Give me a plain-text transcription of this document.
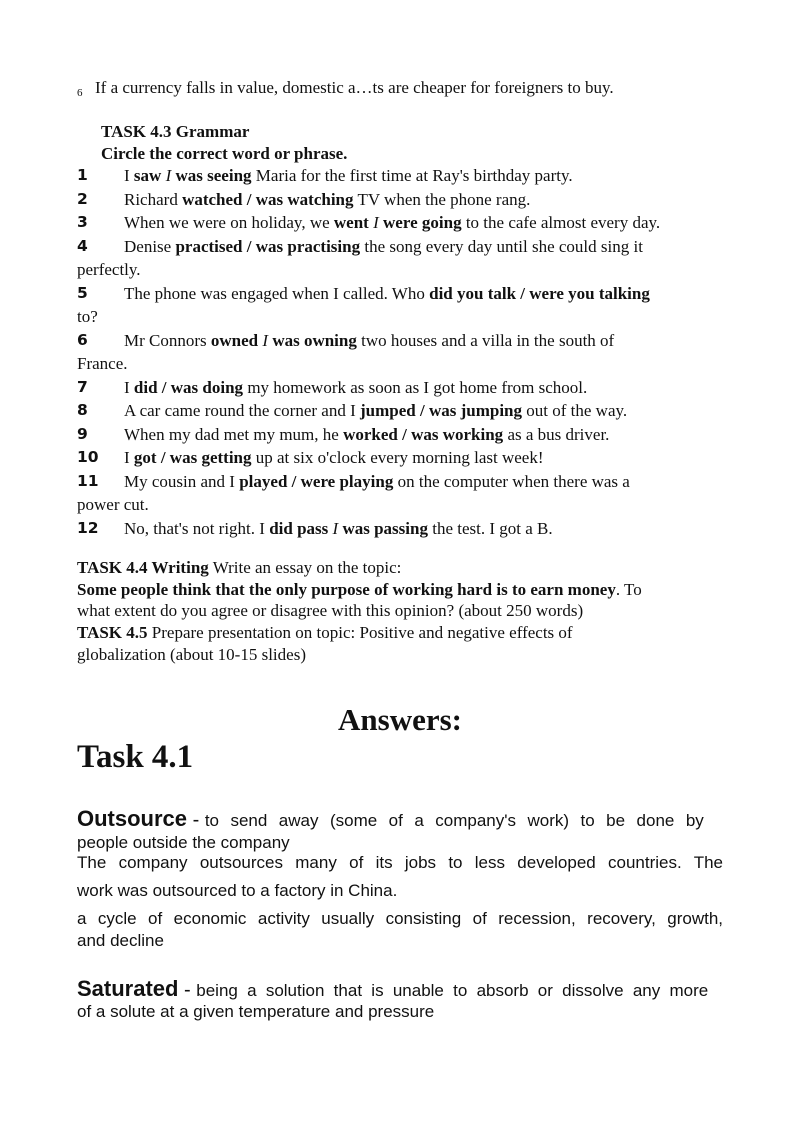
6 If a currency falls in value, domestic a…ts are cheaper for foreigners to buy.
TASK 4.3 Grammar
Circle the correct word or phrase.
1 I saw I was seeing Maria for the first time at Ray's birthday party.
2 Richard watched / was watching TV when the phone rang.
3 When we were on holiday, we went I were going to the cafe almost every day.
4 Denise practised / was practising the song every day until she could sing it
perfectly.
5 The phone was engaged when I called. Who did you talk / were you talking
to?
6 Mr Connors owned I was owning two houses and a villa in the south of
France.
7 I did / was doing my homework as soon as I got home from school.
8 A car came round the corner and I jumped / was jumping out of the way.
9 When my dad met my mum, he worked / was working as a bus driver.
10 I got / was getting up at six o'clock every morning last week!
11 My cousin and I played / were playing on the computer when there was a
power cut.
12 No, that's not right. I did pass I was passing the test. I got a B.
TASK 4.4 Writing Write an essay on the topic:
Some people think that the only purpose of working hard is to earn money. To
what extent do you agree or disagree with this opinion? (about 250 words)
TASK 4.5 Prepare presentation on topic: Positive and negative effects of
globalization (about 10-15 slides)
Answers:
Task 4.1
Outsource - to send away (some of a company's work) to be done by
people outside the company
The company outsources many of its jobs to less developed countries. The
work was outsourced to a factory in China.
a cycle of economic activity usually consisting of recession, recovery, growth,
and decline
Saturated - being a solution that is unable to absorb or dissolve any more
of a solute at a given temperature and pressure
